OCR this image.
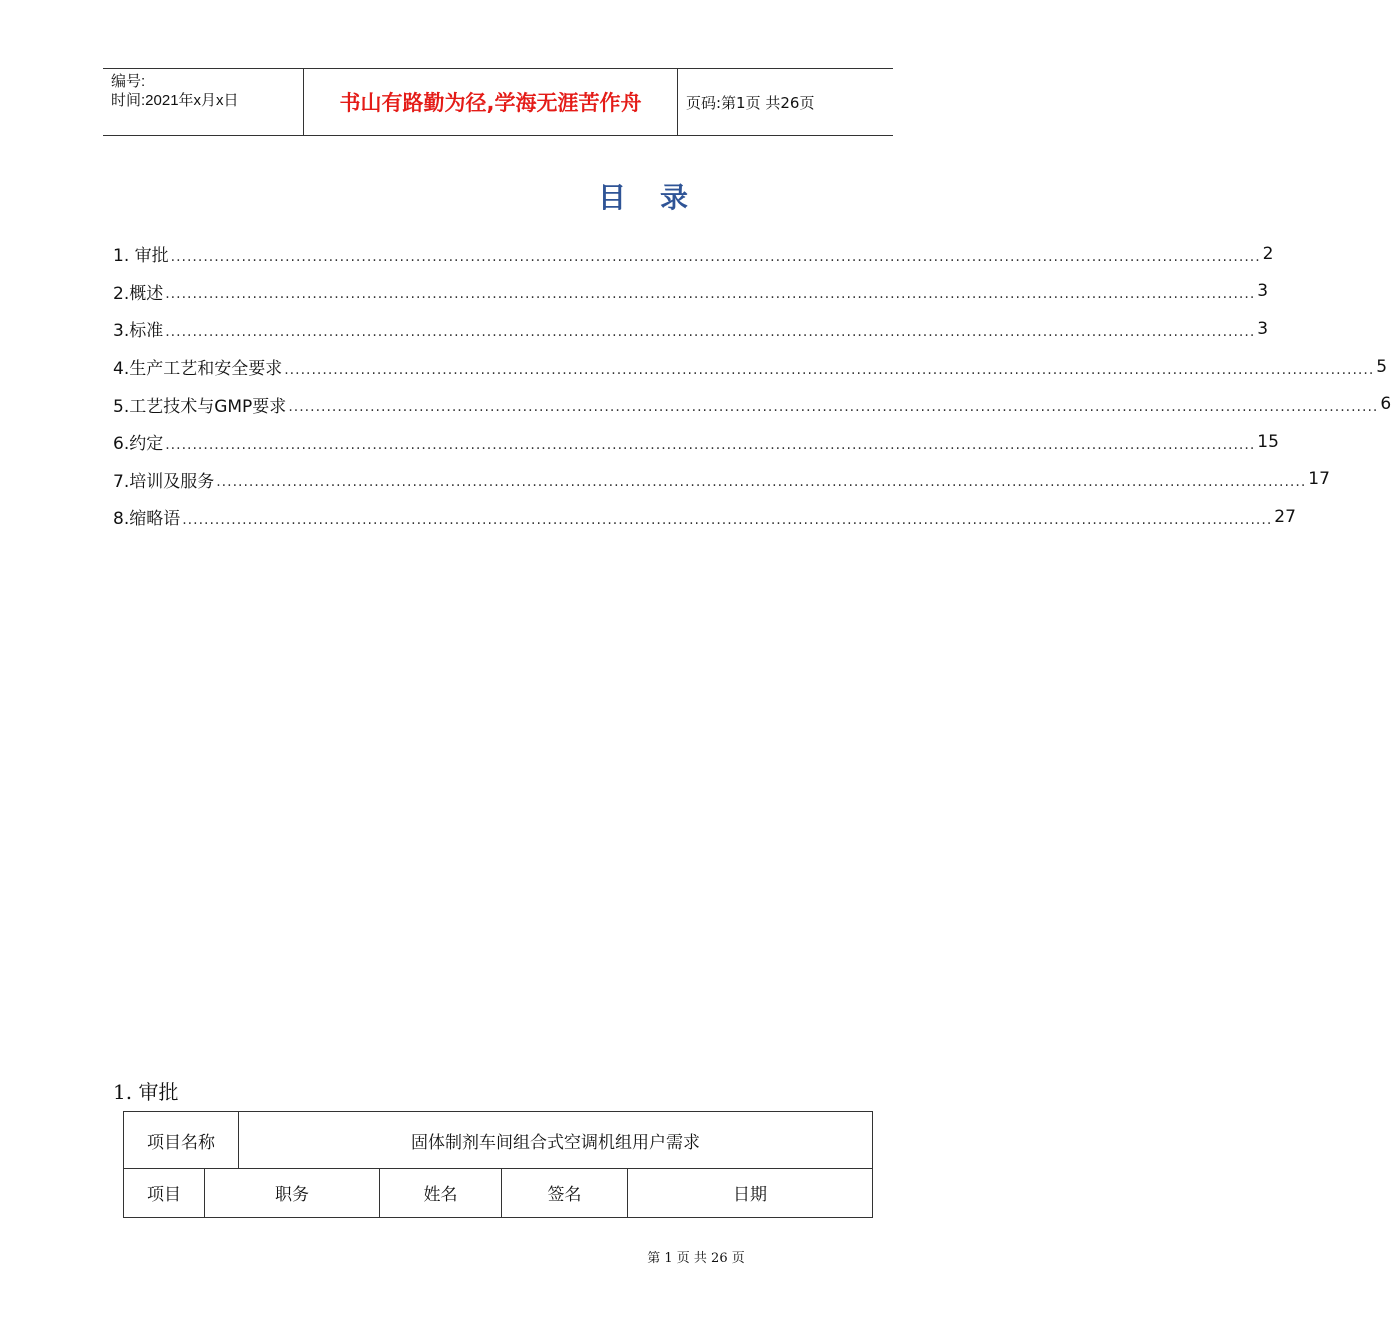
编号:
时间:2021年x月x日	书山有路勤为径,学海无涯苦作舟	页码:第1页 共26页
目录
1. 审批 ........................................................................................................................................................................................................ 2
2.概述 ........................................................................................................................................................................................................ 3
3.标准 ........................................................................................................................................................................................................ 3
4.生产工艺和安全要求 ........................................................................................................................................................................................................ 5
5.工艺技术与GMP要求 ........................................................................................................................................................................................................ 6
6.约定 ........................................................................................................................................................................................................ 15
7.培训及服务 ........................................................................................................................................................................................................ 17
8.缩略语 ........................................................................................................................................................................................................ 27
1. 审批
项目名称	固体制剂车间组合式空调机组用户需求
项目	职务	姓名	签名	日期
第 1 页 共 26 页
